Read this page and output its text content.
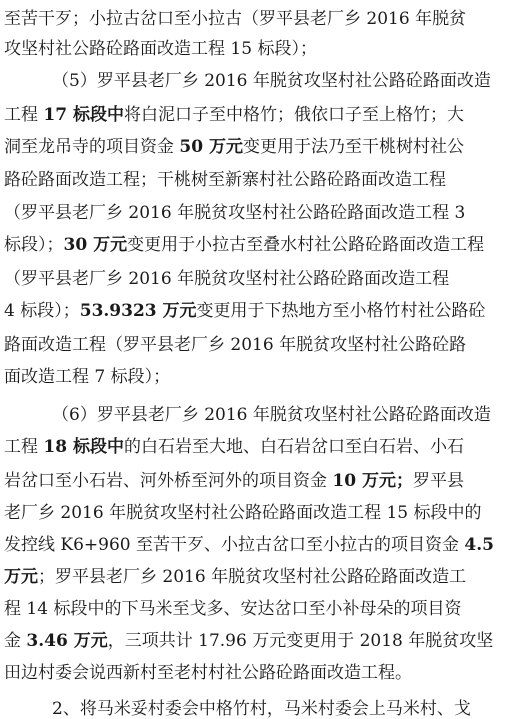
至苦干歹；小拉古岔口至小拉古（罗平县老厂乡 2016 年脱贫
攻坚村社公路砼路面改造工程 15 标段）；
（5）罗平县老厂乡 2016 年脱贫攻坚村社公路砼路面改造
工程 17 标段中将白泥口子至中格竹；俄依口子至上格竹；大
洞至龙吊寺的项目资金 50 万元变更用于法乃至干桃树村社公
路砼路面改造工程；干桃树至新寨村社公路砼路面改造工程
（罗平县老厂乡 2016 年脱贫攻坚村社公路砼路面改造工程 3
标段）；30 万元变更用于小拉古至叠水村社公路砼路面改造工程
（罗平县老厂乡 2016 年脱贫攻坚村社公路砼路面改造工程
4 标段）；53.9323 万元变更用于下热地方至小格竹村社公路砼
路面改造工程（罗平县老厂乡 2016 年脱贫攻坚村社公路砼路
面改造工程 7 标段）；
（6）罗平县老厂乡 2016 年脱贫攻坚村社公路砼路面改造
工程 18 标段中的白石岩至大地、白石岩岔口至白石岩、小石
岩岔口至小石岩、河外桥至河外的项目资金 10 万元；罗平县
老厂乡 2016 年脱贫攻坚村社公路砼路面改造工程 15 标段中的
发控线 K6+960 至苦干歹、小拉古岔口至小拉古的项目资金 4.5
万元；罗平县老厂乡 2016 年脱贫攻坚村社公路砼路面改造工
程 14 标段中的下马米至戈多、安达岔口至小补母朵的项目资
金 3.46 万元，三项共计 17.96 万元变更用于 2018 年脱贫攻坚
田边村委会说西新村至老村村社公路砼路面改造工程。
2、将马米妥村委会中格竹村，马米村委会上马米村、戈
